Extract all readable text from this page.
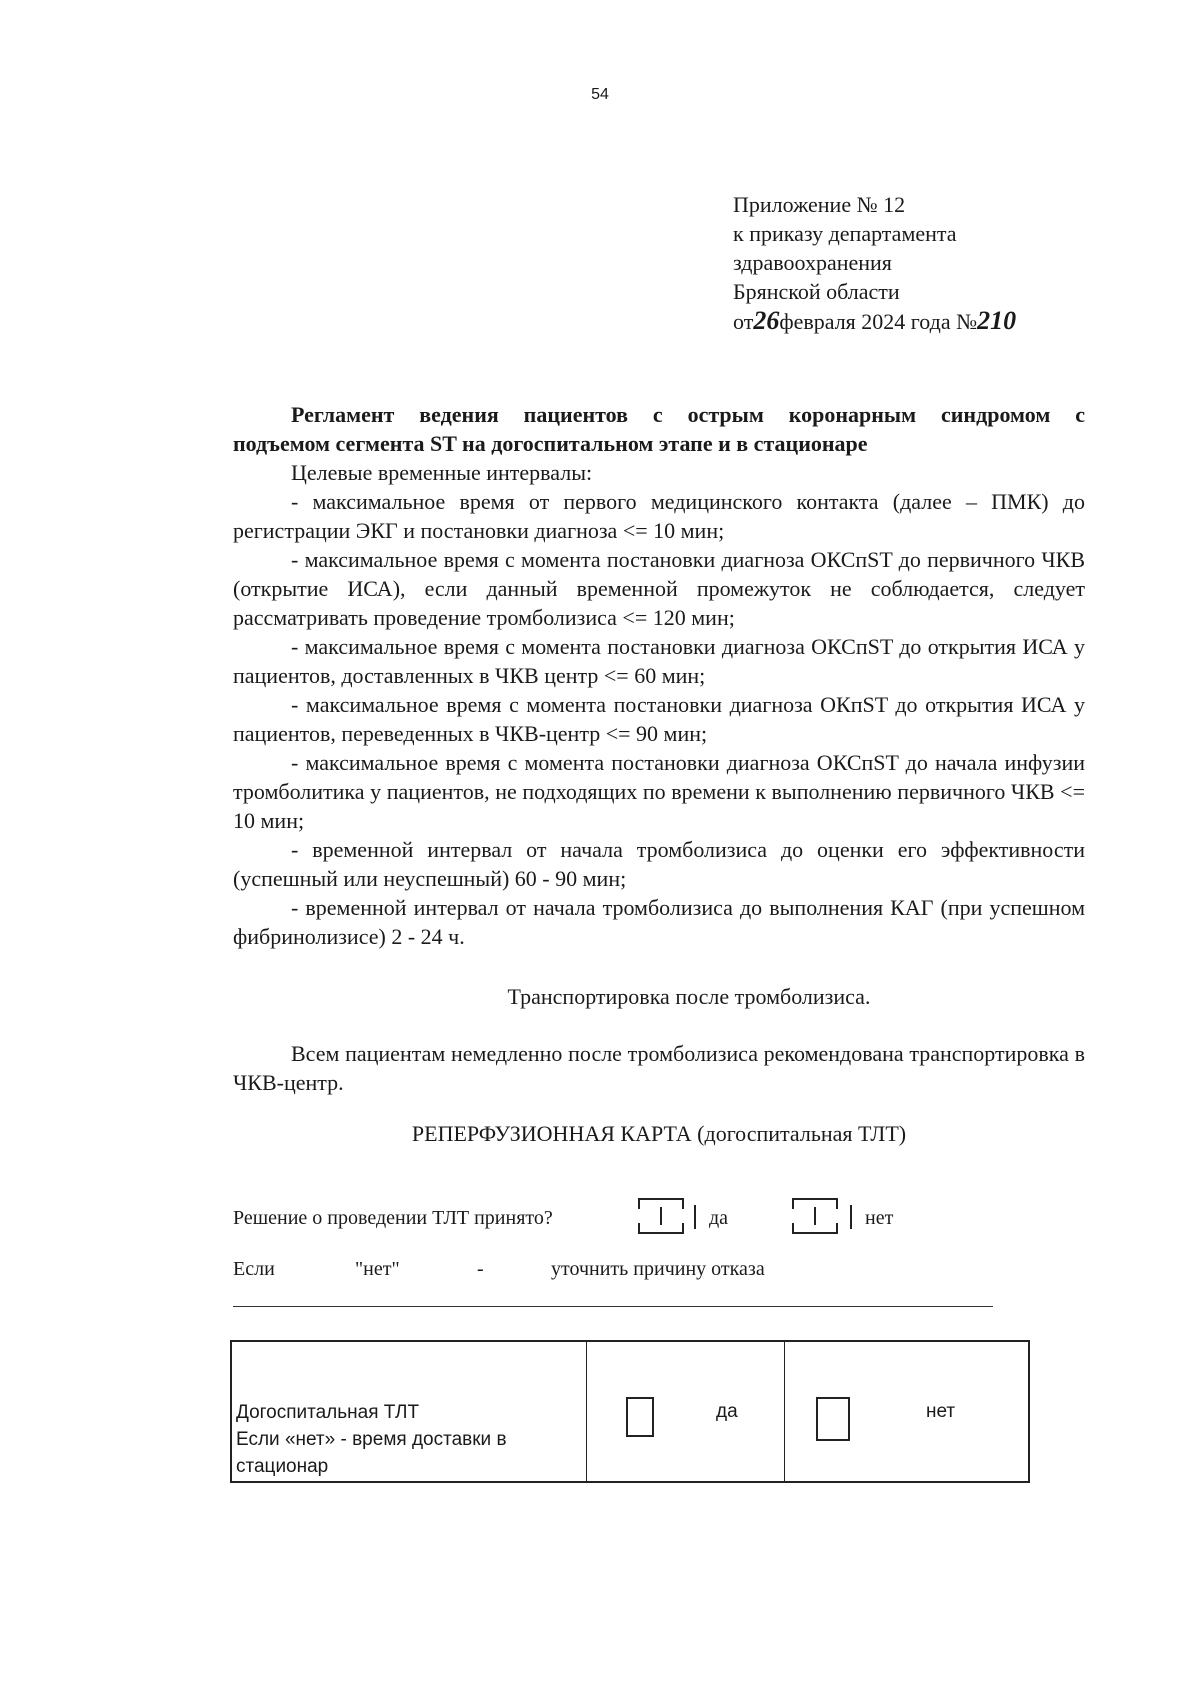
54
Приложение № 12
к приказу департамента
здравоохранения
Брянской области
от26февраля 2024 года №210
Регламент ведения пациентов с острым коронарным синдромом с
подъемом сегмента ST на догоспитальном этапе и в стационаре

Целевые временные интервалы:

- максимальное время от первого медицинского контакта (далее – ПМК) до регистрации ЭКГ и постановки диагноза <= 10 мин;

- максимальное время с момента постановки диагноза ОКСпST до первичного ЧКВ (открытие ИСА), если данный временной промежуток не соблюдается, следует рассматривать проведение тромболизиса <= 120 мин;

- максимальное время с момента постановки диагноза ОКСпST до открытия ИСА у пациентов, доставленных в ЧКВ центр <= 60 мин;

- максимальное время с момента постановки диагноза ОКпST до открытия ИСА у пациентов, переведенных в ЧКВ-центр <= 90 мин;

- максимальное время с момента постановки диагноза ОКСпST до начала инфузии тромболитика у пациентов, не подходящих по времени к выполнению первичного ЧКВ <= 10 мин;

- временной интервал от начала тромболизиса до оценки его эффективности (успешный или неуспешный) 60 - 90 мин;

- временной интервал от начала тромболизиса до выполнения КАГ (при успешном фибринолизисе) 2 - 24 ч.

Транспортировка после тромболизиса.

Всем пациентам немедленно после тромболизиса рекомендована транспортировка в ЧКВ-центр.

РЕПЕРФУЗИОННАЯ КАРТА (догоспитальная ТЛТ)

Решение о проведении ТЛТ принято?	да	нет
Если	"нет"	-	уточнить причину отказа
Догоспитальная ТЛТ
Если «нет» - время доставки в
стационар
да	нет
